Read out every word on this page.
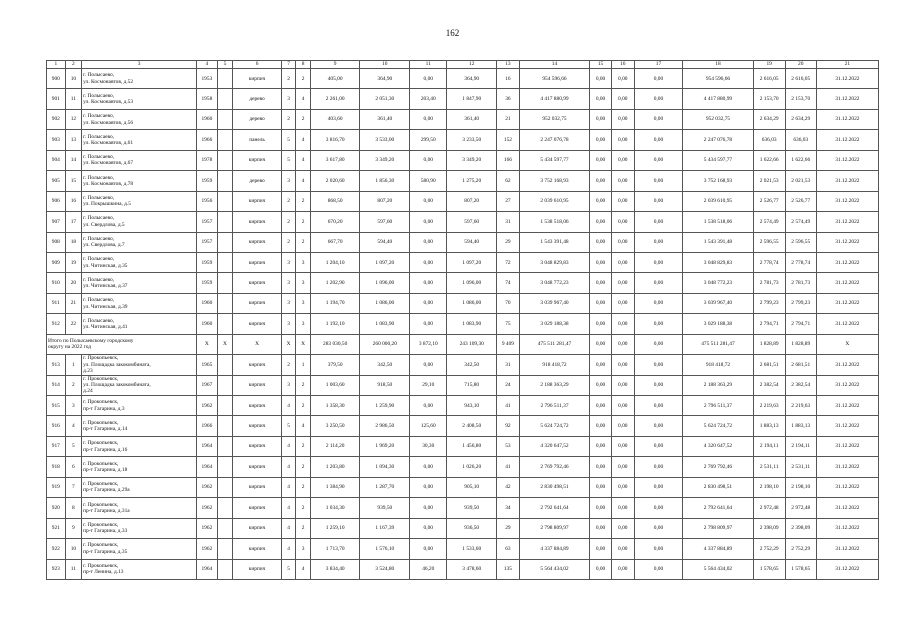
162
1	2	3	4	5	6	7	8	9	10	11	12	13	14	15	16	17	18	19	20	21
900	10	г. Полысаево,
ул. Космонавтов, д.52	1953		кирпич	2	2	405,00	364,90	0,00	364,90	16	954 596,66	0,00	0,00	0,00	954 596,66	2 616,05	2 616,05	31.12.2022
901	11	г. Полысаево,
ул. Космонавтов, д.53	1958		дерево	3	4	2 261,00	2 051,30	203,40	1 847,90	36	4 417 880,99	0,00	0,00	0,00	4 417 880,99	2 153,70	2 153,70	31.12.2022
902	12	г. Полысаево,
ул. Космонавтов, д.56	1960		дерево	2	2	403,60	361,40	0,00	361,40	21	952 032,75	0,00	0,00	0,00	952 032,75	2 634,29	2 634,29	31.12.2022
903	13	г. Полысаево,
ул. Космонавтов, д.61	1966		панель	5	4	3 816,70	3 533,00	299,50	3 233,50	152	2 247 076,78	0,00	0,00	0,00	2 247 076,78	636,03	636,03	31.12.2022
904	14	г. Полысаево,
ул. Космонавтов, д.67	1978		кирпич	5	4	3 617,80	3 349,20	0,00	3 349,20	166	5 434 597,77	0,00	0,00	0,00	5 434 597,77	1 622,66	1 622,66	31.12.2022
905	15	г. Полысаево,
ул. Космонавтов, д.78	1959		дерево	3	4	2 020,60	1 856,30	580,90	1 275,20	62	3 752 168,93	0,00	0,00	0,00	3 752 168,93	2 021,53	2 021,53	31.12.2022
906	16	г. Полысаево,
ул. Покрышкина, д.5	1956		кирпич	2	2	868,50	807,20	0,00	807,20	27	2 039 610,95	0,00	0,00	0,00	2 039 610,95	2 526,77	2 526,77	31.12.2022
907	17	г. Полысаево,
ул. Свердлова, д.5	1957		кирпич	2	2	670,20	597,60	0,00	597,60	31	1 538 518,06	0,00	0,00	0,00	1 538 518,06	2 574,49	2 574,49	31.12.2022
908	18	г. Полысаево,
ул. Свердлова, д.7	1957		кирпич	2	2	667,70	594,40	0,00	594,40	29	1 543 391,48	0,00	0,00	0,00	1 543 391,48	2 596,55	2 596,55	31.12.2022
909	19	г. Полысаево,
ул. Читинская, д.35	1959		кирпич	3	3	1 204,10	1 097,20	0,00	1 097,20	72	3 048 829,83	0,00	0,00	0,00	3 048 829,83	2 778,74	2 778,74	31.12.2022
910	20	г. Полысаево,
ул. Читинская, д.37	1959		кирпич	3	3	1 202,90	1 096,00	0,00	1 096,00	74	3 048 772,23	0,00	0,00	0,00	3 048 772,23	2 781,73	2 781,73	31.12.2022
911	21	г. Полысаево,
ул. Читинская, д.39	1960		кирпич	3	3	1 194,70	1 086,00	0,00	1 086,00	70	3 039 967,40	0,00	0,00	0,00	3 039 967,40	2 799,23	2 799,23	31.12.2022
912	22	г. Полысаево,
ул. Читинская, д.41	1960		кирпич	3	3	1 192,10	1 083,90	0,00	1 083,90	75	3 029 188,38	0,00	0,00	0,00	3 029 188,38	2 794,71	2 794,71	31.12.2022
Итого по Полысаевскому городскому
округу на 2022 год			X	X	X	X	X	283 030,50	260 000,20	3 872,10	243 109,30	9 409	475 511 281,47	0,00	0,00	0,00	475 511 281,47	1 828,89	1 828,89	X
913	1	г. Прокопьевск,
ул. Площадка закокомбината,
д.23	1965		кирпич	2	1	379,50	342,50	0,00	342,50	31	918 418,72	0,00	0,00	0,00	918 418,72	2 681,51	2 681,51	31.12.2022
914	2	г. Прокопьевск,
ул. Площадка закокомбината,
д.24	1967		кирпич	3	2	1 003,60	918,50	29,10	715,80	24	2 188 363,29	0,00	0,00	0,00	2 188 363,29	2 382,54	2 382,54	31.12.2022
915	3	г. Прокопьевск,
пр-т Гагарина, д.3	1962		кирпич	4	2	1 358,30	1 259,90	0,00	943,10	41	2 796 511,37	0,00	0,00	0,00	2 796 511,37	2 219,63	2 219,63	31.12.2022
916	4	г. Прокопьевск,
пр-т Гагарина, д.14	1966		кирпич	5	4	3 250,50	2 986,50	125,60	2 408,50	92	5 624 724,72	0,00	0,00	0,00	5 624 724,72	1 883,13	1 883,13	31.12.2022
917	5	г. Прокопьевск,
пр-т Гагарина, д.16	1964		кирпич	4	2	2 114,20	1 969,20	30,30	1 456,80	53	4 320 647,52	0,00	0,00	0,00	4 320 647,52	2 194,11	2 194,11	31.12.2022
918	6	г. Прокопьевск,
пр-т Гагарина, д.18	1964		кирпич	4	2	1 203,80	1 094,30	0,00	1 026,20	41	2 769 792,46	0,00	0,00	0,00	2 769 792,46	2 531,11	2 531,11	31.12.2022
919	7	г. Прокопьевск,
пр-т Гагарина, д.29а	1962		кирпич	4	2	1 384,90	1 287,70	0,00	905,10	42	2 830 498,51	0,00	0,00	0,00	2 830 498,51	2 198,10	2 198,10	31.12.2022
920	8	г. Прокопьевск,
пр-т Гагарина, д.31а	1962		кирпич	4	2	1 034,30	939,50	0,00	939,50	34	2 792 641,64	0,00	0,00	0,00	2 792 641,64	2 972,48	2 972,48	31.12.2022
921	9	г. Прокопьевск,
пр-т Гагарина, д.33	1962		кирпич	4	2	1 259,10	1 167,39	0,00	936,50	29	2 798 809,97	0,00	0,00	0,00	2 798 809,97	2 398,09	2 398,09	31.12.2022
922	10	г. Прокопьевск,
пр-т Гагарина, д.35	1962		кирпич	4	3	1 713,70	1 576,10	0,00	1 533,60	63	4 337 884,89	0,00	0,00	0,00	4 337 884,89	2 752,29	2 752,29	31.12.2022
923	11	г. Прокопьевск,
пр-т Ленина, д.13	1964		кирпич	5	4	3 834,40	3 524,80	46,20	3 478,60	135	5 564 434,02	0,00	0,00	0,00	5 564 434,02	1 578,65	1 578,65	31.12.2022
